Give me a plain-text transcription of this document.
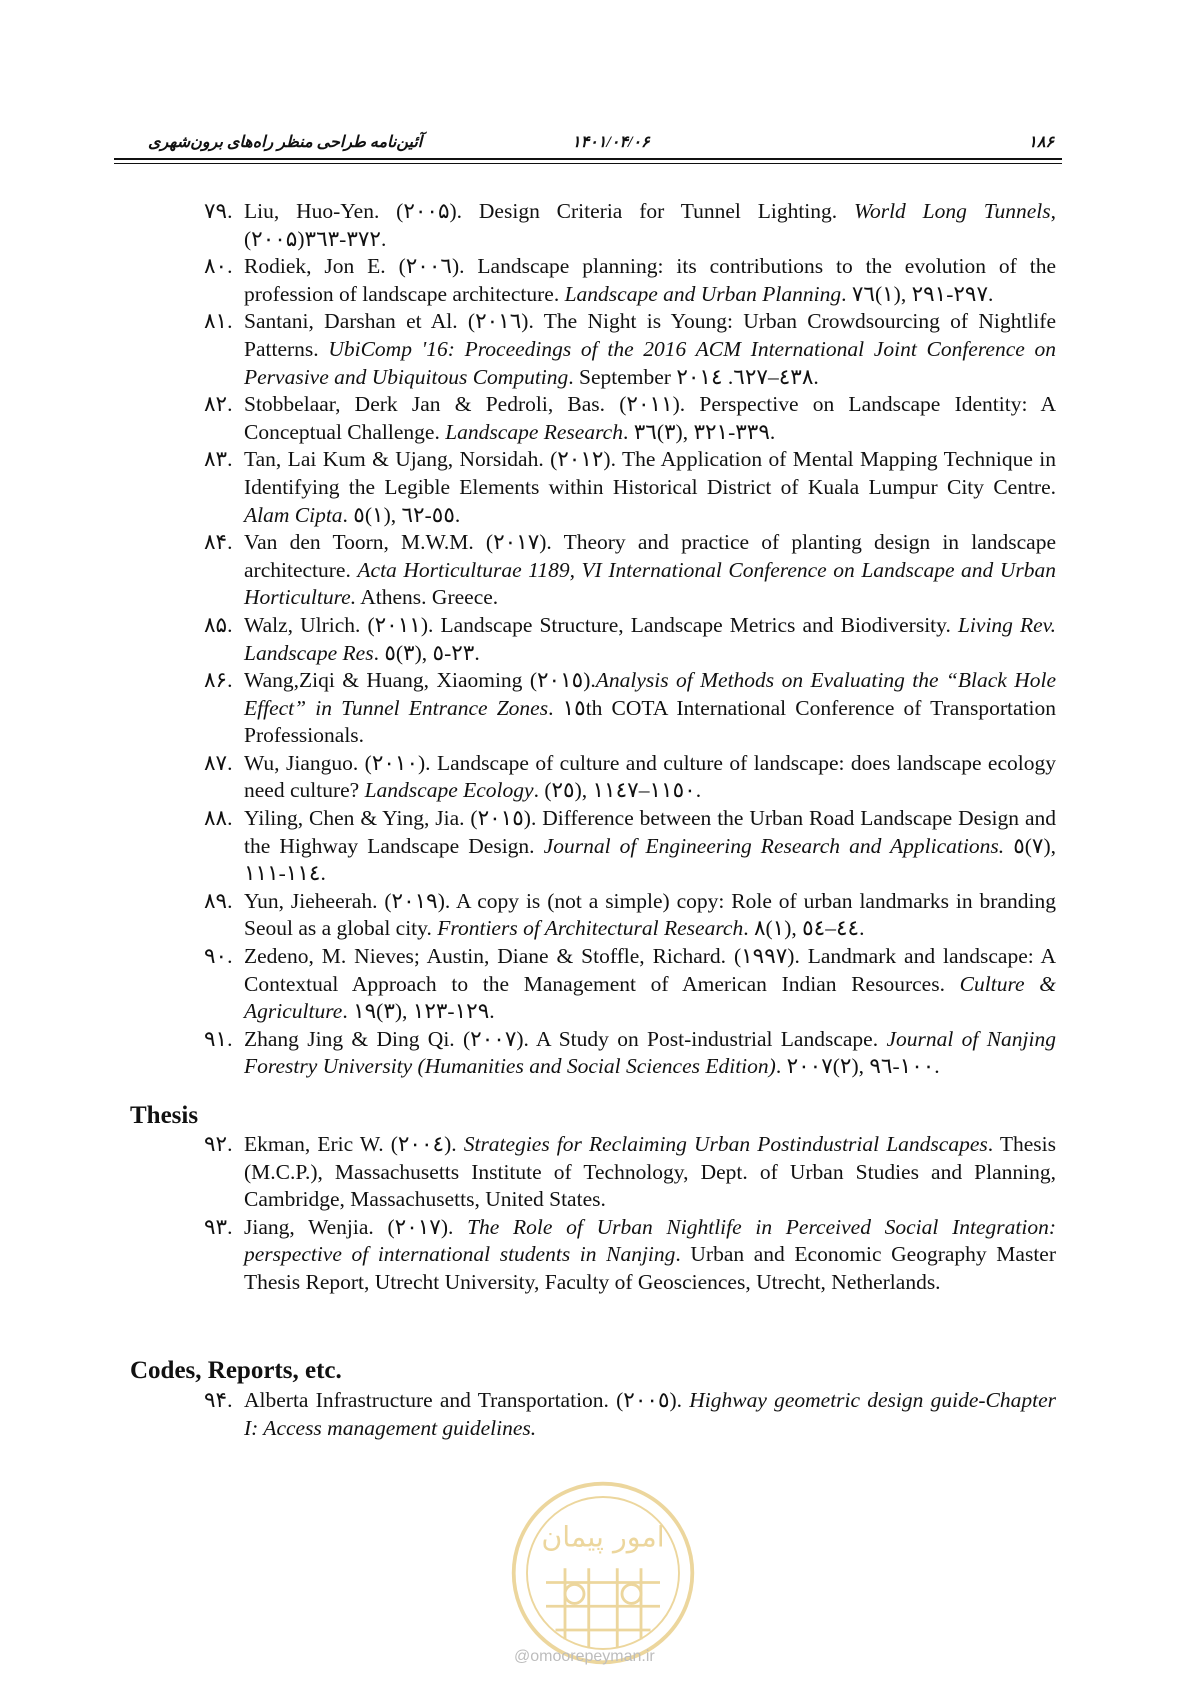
۱۸۶
۱۴۰۱/۰۴/۰۶
آئین‌نامه طراحی منظر راه‌های برون‌شهری
۷۹. Liu, Huo-Yen. (۲۰۰۵). Design Criteria for Tunnel Lighting. World Long Tunnels, (۲۰۰۵)۳٦۳-۳۷۲.
۸۰. Rodiek, Jon E. (۲۰۰٦). Landscape planning: its contributions to the evolution of the profession of landscape architecture. Landscape and Urban Planning. ۷٦(۱), ۲۹۱-۲۹۷.
۸۱. Santani, Darshan et Al. (۲۰۱٦). The Night is Young: Urban Crowdsourcing of Nightlife Patterns. UbiComp '16: Proceedings of the 2016 ACM International Joint Conference on Pervasive and Ubiquitous Computing. September ۲۰۱٦. ٤۲۷–٤۳۸.
۸۲. Stobbelaar, Derk Jan & Pedroli, Bas. (۲۰۱۱). Perspective on Landscape Identity: A Conceptual Challenge. Landscape Research. ۳٦(۳), ۳۲۱-۳۳۹.
۸۳. Tan, Lai Kum & Ujang, Norsidah. (۲۰۱۲). The Application of Mental Mapping Technique in Identifying the Legible Elements within Historical District of Kuala Lumpur City Centre. Alam Cipta. ٥(۱), ٦۲-٥٥.
۸۴. Van den Toorn, M.W.M. (۲۰۱۷). Theory and practice of planting design in landscape architecture. Acta Horticulturae 1189, VI International Conference on Landscape and Urban Horticulture. Athens. Greece.
۸۵. Walz, Ulrich. (۲۰۱۱). Landscape Structure, Landscape Metrics and Biodiversity. Living Rev. Landscape Res. ٥(۳), ٥-۲۳.
۸۶. Wang,Ziqi & Huang, Xiaoming (۲۰۱٥).Analysis of Methods on Evaluating the “Black Hole Effect” in Tunnel Entrance Zones. ۱٥th COTA International Conference of Transportation Professionals.
۸۷. Wu, Jianguo. (۲۰۱۰). Landscape of culture and culture of landscape: does landscape ecology need culture? Landscape Ecology. (۲٥), ۱۱٤۷–۱۱٥۰.
۸۸. Yiling, Chen & Ying, Jia. (۲۰۱٥). Difference between the Urban Road Landscape Design and the Highway Landscape Design. Journal of Engineering Research and Applications. ٥(۷), ۱۱۱-۱۱٤.
۸۹. Yun, Jieheerah. (۲۰۱۹). A copy is (not a simple) copy: Role of urban landmarks in branding Seoul as a global city. Frontiers of Architectural Research. ۸(۱), ٤٤–٥٤.
۹۰. Zedeno, M. Nieves; Austin, Diane & Stoffle, Richard. (۱۹۹۷). Landmark and landscape: A Contextual Approach to the Management of American Indian Resources. Culture & Agriculture. ۱۹(۳), ۱۲۳-۱۲۹.
۹۱. Zhang Jing & Ding Qi. (۲۰۰۷). A Study on Post-industrial Landscape. Journal of Nanjing Forestry University (Humanities and Social Sciences Edition). ۲۰۰۷(۲), ۹٦-۱۰۰.
Thesis
۹۲. Ekman, Eric W. (۲۰۰٤). Strategies for Reclaiming Urban Postindustrial Landscapes. Thesis (M.C.P.), Massachusetts Institute of Technology, Dept. of Urban Studies and Planning, Cambridge, Massachusetts, United States.
۹۳. Jiang, Wenjia. (۲۰۱۷). The Role of Urban Nightlife in Perceived Social Integration: perspective of international students in Nanjing. Urban and Economic Geography Master Thesis Report, Utrecht University, Faculty of Geosciences, Utrecht, Netherlands.
Codes, Reports, etc.
۹۴. Alberta Infrastructure and Transportation. (۲۰۰٥). Highway geometric design guide-Chapter I: Access management guidelines.
امور پیمان
@omoorepeyman.ir
